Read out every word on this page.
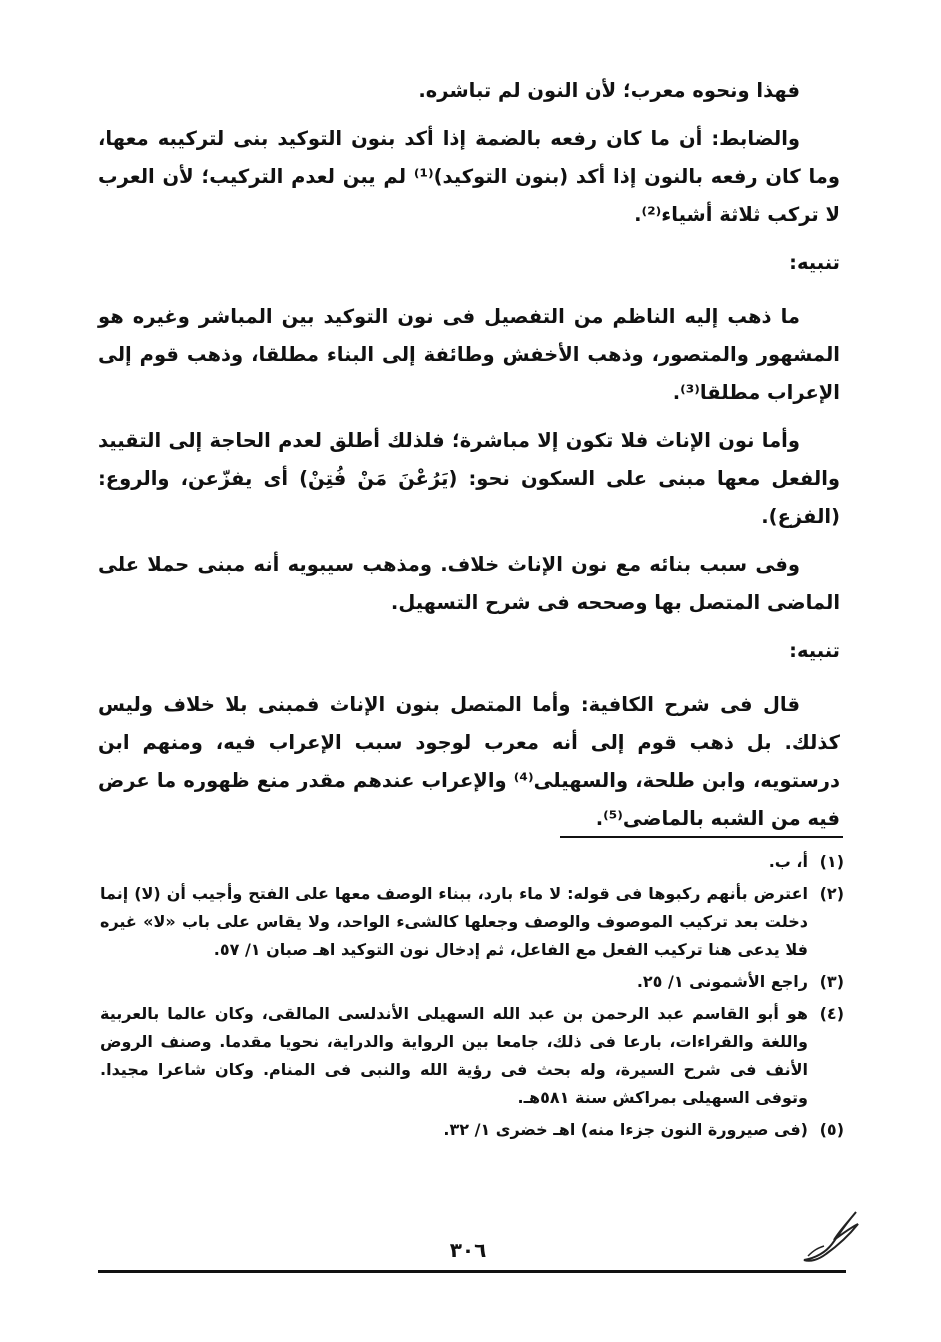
فهذا ونحوه معرب؛ لأن النون لم تباشره.

والضابط: أن ما كان رفعه بالضمة إذا أكد بنون التوكيد بنى لتركيبه معها، وما كان رفعه بالنون إذا أكد (بنون التوكيد)⁽¹⁾ لم يبن لعدم التركيب؛ لأن العرب لا تركب ثلاثة أشياء⁽²⁾.

تنبيه:

ما ذهب إليه الناظم من التفصيل فى نون التوكيد بين المباشر وغيره هو المشهور والمتصور، وذهب الأخفش وطائفة إلى البناء مطلقا، وذهب قوم إلى الإعراب مطلقا⁽³⁾.

وأما نون الإناث فلا تكون إلا مباشرة؛ فلذلك أطلق لعدم الحاجة إلى التقييد والفعل معها مبنى على السكون نحو: (يَرُعْنَ مَنْ فُتِنْ) أى يفزّعن، والروع: (الفزع).

وفى سبب بنائه مع نون الإناث خلاف. ومذهب سيبويه أنه مبنى حملا على الماضى المتصل بها وصححه فى شرح التسهيل.

تنبيه:

قال فى شرح الكافية: وأما المتصل بنون الإناث فمبنى بلا خلاف وليس كذلك. بل ذهب قوم إلى أنه معرب لوجود سبب الإعراب فيه، ومنهم ابن درستويه، وابن طلحة، والسهيلى⁽⁴⁾ والإعراب عندهم مقدر منع ظهوره ما عرض فيه من الشبه بالماضى⁽⁵⁾.

(١)
أ، ب.
(٢)
اعترض بأنهم ركبوها فى قوله: لا ماء بارد، ببناء الوصف معها على الفتح وأجيب أن (لا) إنما دخلت بعد تركيب الموصوف والوصف وجعلها كالشىء الواحد، ولا يقاس على باب «لا» غيره فلا يدعى هنا تركيب الفعل مع الفاعل، ثم إدخال نون التوكيد اهـ صبان ١/ ٥٧.
(٣)
راجع الأشمونى ١/ ٢٥.
(٤)
هو أبو القاسم عبد الرحمن بن عبد الله السهيلى الأندلسى المالقى، وكان عالما بالعربية واللغة والقراءات، بارعا فى ذلك، جامعا بين الرواية والدراية، نحويا مقدما. وصنف الروض الأنف فى شرح السيرة، وله بحث فى رؤية الله والنبى فى المنام. وكان شاعرا مجيدا. وتوفى السهيلى بمراكش سنة ٥٨١هـ.
(٥)
(فى صيرورة النون جزءا منه) اهـ خضرى ١/ ٣٢.
٣٠٦
